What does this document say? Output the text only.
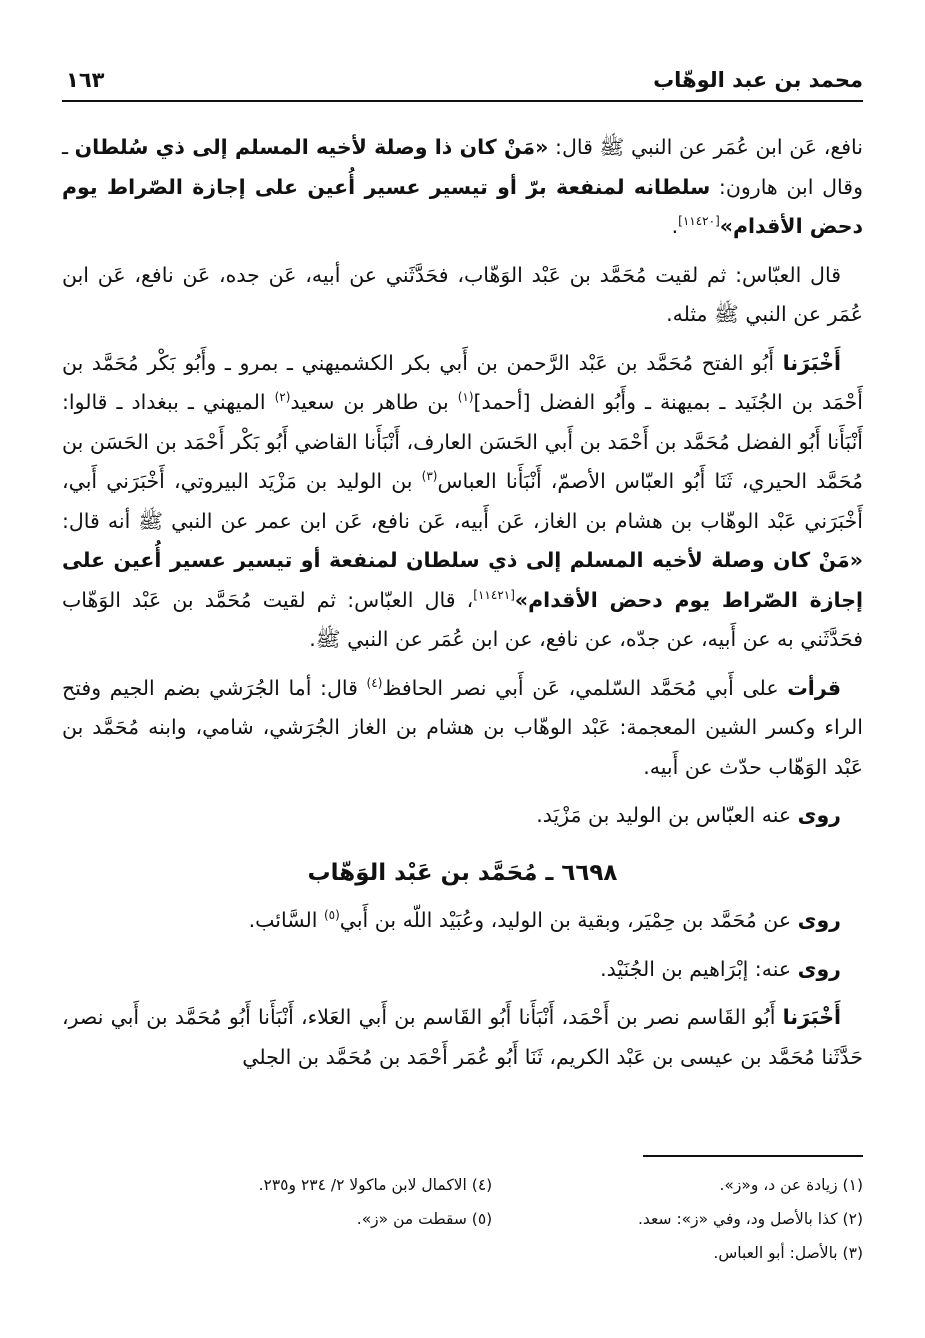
محمد بن عبد الوهّاب
١٦٣

نافع، عَن ابن عُمَر عن النبي ﷺ قال: «مَنْ كان ذا وصلة لأخيه المسلم إلى ذي سُلطان ـ وقال ابن هارون: سلطانه لمنفعة برّ أو تيسير عسير أُعين على إجازة الصّراط يوم دحض الأقدام»[١١٤٢٠].

قال العبّاس: ثم لقيت مُحَمَّد بن عَبْد الوَهّاب، فحَدَّثَني عن أبيه، عَن جده، عَن نافع، عَن ابن عُمَر عن النبي ﷺ مثله.

أَخْبَرَنا أَبُو الفتح مُحَمَّد بن عَبْد الرَّحمن بن أَبي بكر الكشميهني ـ بمرو ـ وأَبُو بَكْر مُحَمَّد بن أَحْمَد بن الجُنَيد ـ بميهنة ـ وأَبُو الفضل [أحمد]$^{(١)}$ بن طاهر بن سعيد$^{(٢)}$ الميهني ـ ببغداد ـ قالوا: أَنْبَأَنا أَبُو الفضل مُحَمَّد بن أَحْمَد بن أَبي الحَسَن العارف، أَنْبَأَنا القاضي أَبُو بَكْر أَحْمَد بن الحَسَن بن مُحَمَّد الحيري، ثَنَا أَبُو العبّاس الأصمّ، أَنْبَأَنا العباس$^{(٣)}$ بن الوليد بن مَزْيَد البيروتي، أَخْبَرَني أَبي، أَخْبَرَني عَبْد الوهّاب بن هشام بن الغاز، عَن أَبيه، عَن نافع، عَن ابن عمر عن النبي ﷺ أنه قال: «مَنْ كان وصلة لأخيه المسلم إلى ذي سلطان لمنفعة أو تيسير عسير أُعين على إجازة الصّراط يوم دحض الأقدام»[١١٤٢١]، قال العبّاس: ثم لقيت مُحَمَّد بن عَبْد الوَهّاب فحَدَّثَني به عن أَبيه، عن جدّه، عن نافع، عن ابن عُمَر عن النبي ﷺ.

قرأت على أَبي مُحَمَّد السّلمي، عَن أَبي نصر الحافظ$^{(٤)}$ قال: أما الجُرَشي بضم الجيم وفتح الراء وكسر الشين المعجمة: عَبْد الوهّاب بن هشام بن الغاز الجُرَشي، شامي، وابنه مُحَمَّد بن عَبْد الوَهّاب حدّث عن أَبيه.

روى عنه العبّاس بن الوليد بن مَزْيَد.

٦٦٩٨ ـ مُحَمَّد بن عَبْد الوَهّاب

روى عن مُحَمَّد بن حِمْيَر، وبقية بن الوليد، وعُبَيْد اللّه بن أَبي$^{(٥)}$ السَّائب.

روى عنه: إبْرَاهيم بن الجُنَيْد.

أَخْبَرَنا أَبُو القَاسم نصر بن أَحْمَد، أَنْبَأَنا أَبُو القَاسم بن أَبي العَلاء، أَنْبَأَنا أَبُو مُحَمَّد بن أَبي نصر، حَدَّثَنا مُحَمَّد بن عيسى بن عَبْد الكريم، ثَنَا أَبُو عُمَر أَحْمَد بن مُحَمَّد بن الجلي

(١) زيادة عن د، و«ز».
(٢) كذا بالأصل ود، وفي «ز»: سعد.
(٣) بالأصل: أبو العباس.
(٤) الاكمال لابن ماكولا ٢/ ٢٣٤ و٢٣٥.
(٥) سقطت من «ز».
